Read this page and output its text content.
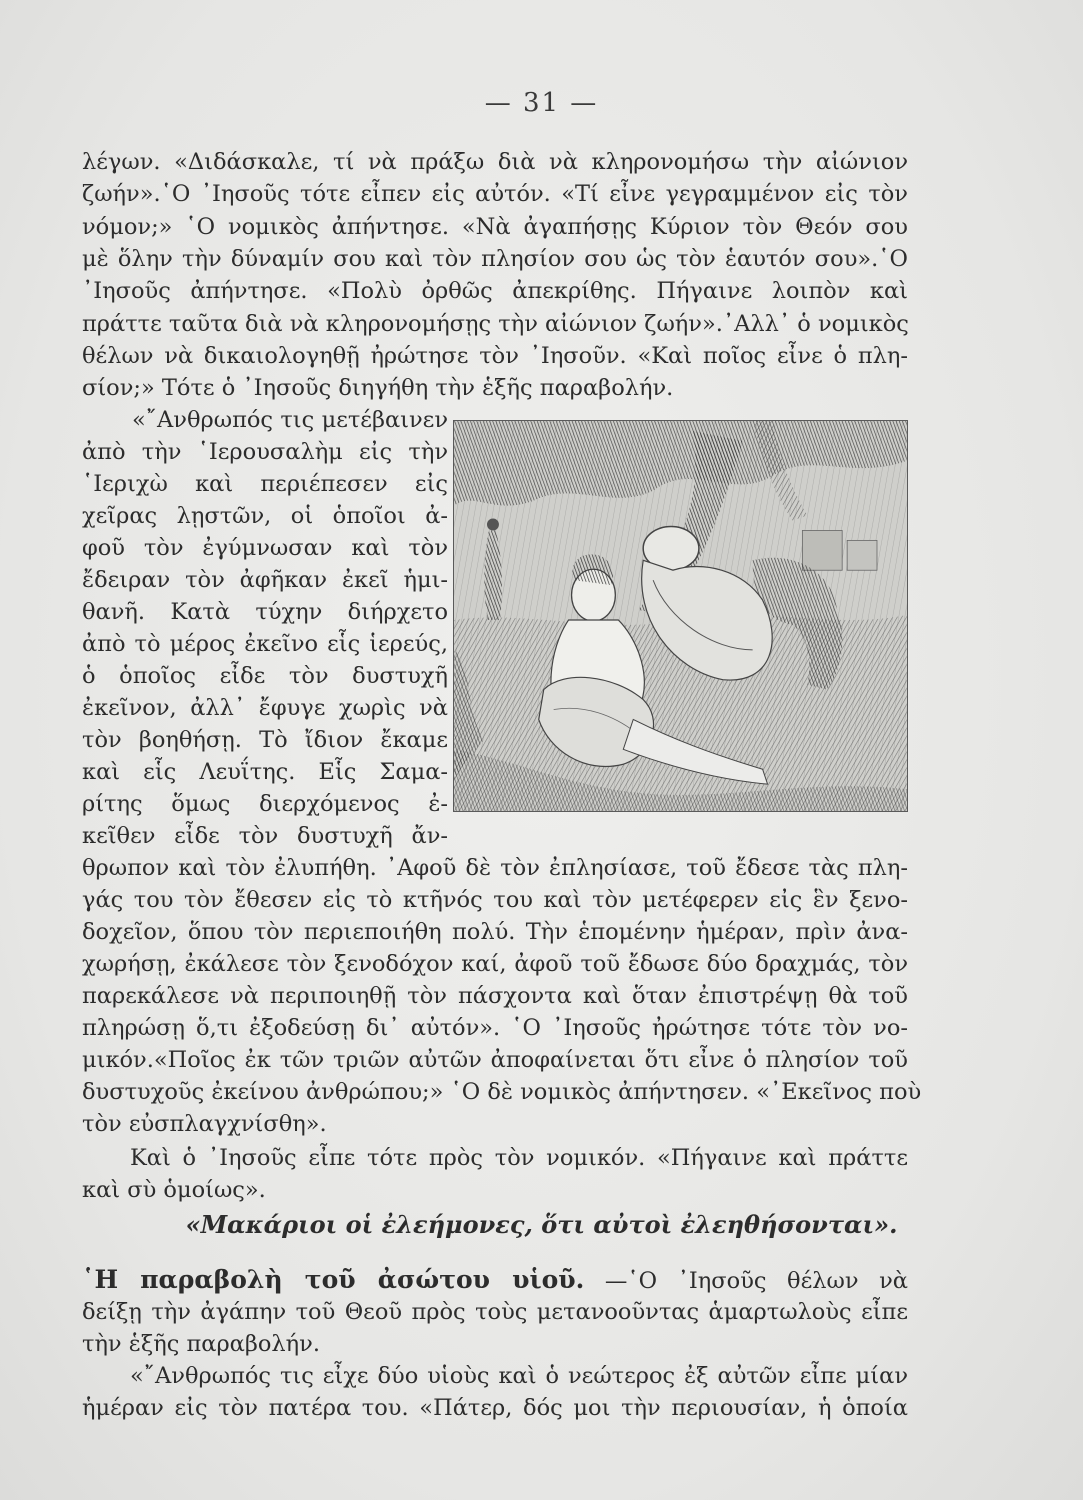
— 31 —
λέγων. «Διδάσκαλε, τί νὰ πράξω διὰ νὰ κληρονομήσω τὴν αἰώνιον
ζωήν».῾Ο ᾿Ιησοῦς τότε εἶπεν εἰς αὐτόν. «Τί εἶνε γεγραμμένον εἰς τὸν
νόμον;» ῾Ο νομικὸς ἀπήντησε. «Νὰ ἀγαπήσῃς Κύριον τὸν Θεόν σου
μὲ ὅλην τὴν δύναμίν σου καὶ τὸν πλησίον σου ὡς τὸν ἑαυτόν σου».῾Ο
᾿Ιησοῦς ἀπήντησε. «Πολὺ ὀρθῶς ἀπεκρίθης. Πήγαινε λοιπὸν καὶ
πράττε ταῦτα διὰ νὰ κληρονομήσῃς τὴν αἰώνιον ζωήν».᾿Αλλ᾿ ὁ νομικὸς
θέλων νὰ δικαιολογηθῇ ἠρώτησε τὸν ᾿Ιησοῦν. «Καὶ ποῖος εἶνε ὁ πλη-
σίον;» Τότε ὁ ᾿Ιησοῦς διηγήθη τὴν ἑξῆς παραβολήν.
«῎Ανθρωπός τις μετέβαινεν
ἀπὸ τὴν ῾Ιερουσαλὴμ εἰς τὴν
῾Ιεριχὼ καὶ περιέπεσεν εἰς
χεῖρας λῃστῶν, οἱ ὁποῖοι ἀ-
φοῦ τὸν ἐγύμνωσαν καὶ τὸν
ἔδειραν τὸν ἀφῆκαν ἐκεῖ ἡμι-
θανῆ. Κατὰ τύχην διήρχετο
ἀπὸ τὸ μέρος ἐκεῖνο εἷς ἱερεύς,
ὁ ὁποῖος εἶδε τὸν δυστυχῆ
ἐκεῖνον, ἀλλ᾿ ἔφυγε χωρὶς νὰ
τὸν βοηθήσῃ. Τὸ ἴδιον ἔκαμε
καὶ εἷς Λευΐτης. Εἷς Σαμα-
ρίτης ὅμως διερχόμενος ἐ-
κεῖθεν εἶδε τὸν δυστυχῆ ἄν-
θρωπον καὶ τὸν ἐλυπήθη. ᾿Αφοῦ δὲ τὸν ἐπλησίασε, τοῦ ἔδεσε τὰς πλη-
γάς του τὸν ἔθεσεν εἰς τὸ κτῆνός του καὶ τὸν μετέφερεν εἰς ἓν ξενο-
δοχεῖον, ὅπου τὸν περιεποιήθη πολύ. Τὴν ἑπομένην ἡμέραν, πρὶν ἀνα-
χωρήσῃ, ἐκάλεσε τὸν ξενοδόχον καί, ἀφοῦ τοῦ ἔδωσε δύο δραχμάς, τὸν
παρεκάλεσε νὰ περιποιηθῇ τὸν πάσχοντα καὶ ὅταν ἐπιστρέψῃ θὰ τοῦ
πληρώσῃ ὅ,τι ἐξοδεύσῃ δι᾿ αὐτόν». ῾Ο ᾿Ιησοῦς ἠρώτησε τότε τὸν νο-
μικόν.«Ποῖος ἐκ τῶν τριῶν αὐτῶν ἀποφαίνεται ὅτι εἶνε ὁ πλησίον τοῦ
δυστυχοῦς ἐκείνου ἀνθρώπου;» ῾Ο δὲ νομικὸς ἀπήντησεν. «᾿Εκεῖνος ποὺ
τὸν εὐσπλαγχνίσθη».
Καὶ ὁ ᾿Ιησοῦς εἶπε τότε πρὸς τὸν νομικόν. «Πήγαινε καὶ πράττε
καὶ σὺ ὁμοίως».
«Μακάριοι οἱ ἐλεήμονες, ὅτι αὐτοὶ ἐλεηθήσονται».
῾Η παραβολὴ τοῦ ἀσώτου υἱοῦ. —῾Ο ᾿Ιησοῦς θέλων νὰ
δείξῃ τὴν ἀγάπην τοῦ Θεοῦ πρὸς τοὺς μετανοοῦντας ἁμαρτωλοὺς εἶπε
τὴν ἑξῆς παραβολήν.
«῎Ανθρωπός τις εἶχε δύο υἱοὺς καὶ ὁ νεώτερος ἐξ αὐτῶν εἶπε μίαν
ἡμέραν εἰς τὸν πατέρα του. «Πάτερ, δός μοι τὴν περιουσίαν, ἡ ὁποία
